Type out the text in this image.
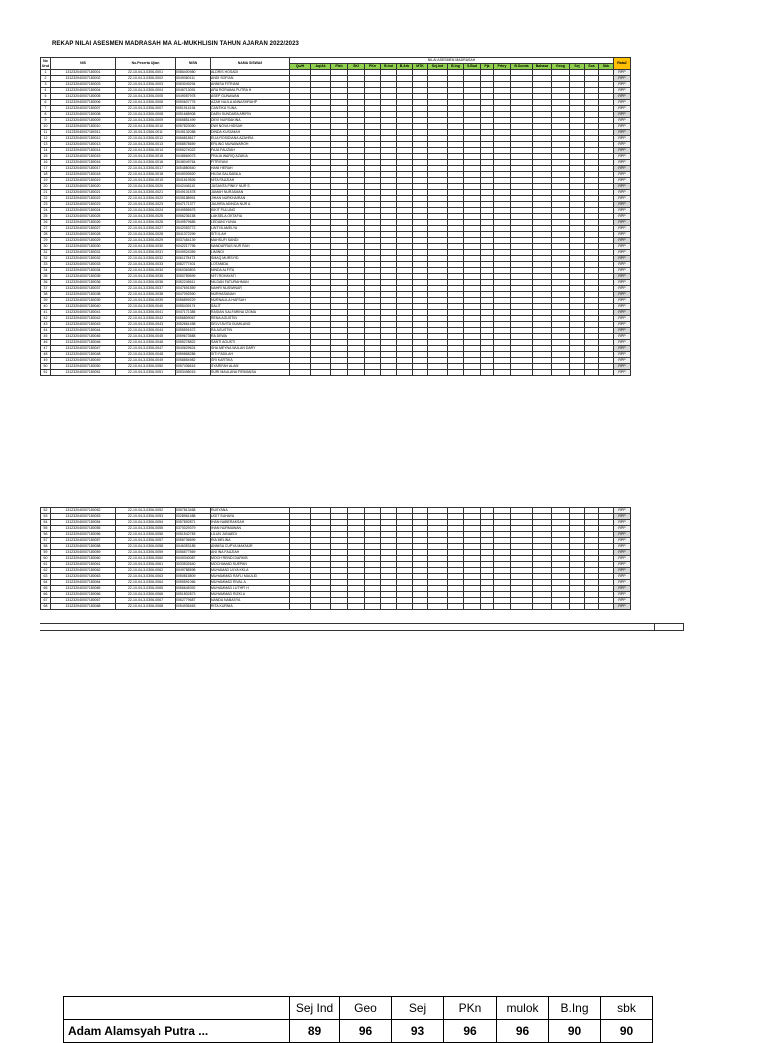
REKAP NILAI ASESMEN MADRASAH MA AL-MUKHLISIN TAHUN AJARAN 2022/2023
No Urut	NIS	No.Peserta Ujian	NISN	NAMA SISWA/I	NILAI ASESMEN MADRASAH																			Rata2
					Qu/H	Aq/Ak	Fikh	SKI	PKn	B.Ind	B.Arb	MTK	Sej.Ind	B.Ing	S.Bud	Pjk	Prkry	B.Sunda	Bahasa	Geog	Sej	Sos	Sbk	
1	131232040007180001	22-10-04-3-0306-0001	0086400980	ALDRIS HOSADI																				RPP
2	131232040007180002	22-10-04-3-0306-0002	0049060111	ANDI SOFIAN																				RPP
3	131232040007180003	22-10-04-3-0306-0003	0063049294	ANNISA FITRIANI																				RPP
4	131232040007180004	22-10-04-3-0306-0004	0046713091	ARA RORIAMA PUTRA H																				RPP
5	131232040007180005	22-10-04-3-0306-0005	0049057978	ASEP GUNAWAN																				RPP
6	131232040007180006	22-10-04-3-0306-0006	0050607775	AZAH NAJLA ANNASHRAHP																				RPP
7	131232040007180007	22-10-04-3-0306-0007	0051914194	CANTIKA YUNA																				RPP
8	131232040007180008	22-10-04-3-0306-0008	0051668908	DAEN SUNDARA ARIFIN																				RPP
9	131232040007180009	22-10-04-3-0306-0009	0065851499	DEVI NURSAKINA																				RPP
10	131232040007180010	22-10-04-3-0306-0010	0057823090	DWI NOVA HIDSAH																				RPP
11	131232040007180011	22-10-04-3-0306-0011	0045132088	DINDA KUSUMAH																				RPP
12	131232040007180012	22-10-04-3-0306-0012	0066818617	ELIA ROSIDIANA AZAHRA																				RPP
13	131232040007180013	22-10-04-3-0306-0013	0058578659	ERLING MUNAWAROH																				RPP
14	131232040007180014	22-10-04-3-0306-0014	0055274022	FAJA FAUZIAH																				RPP
15	131232040007180015	22-10-04-3-0306-0015	0048669073	FRAJA WARIQ AZAKIA																				RPP
16	131232040007180016	22-10-04-3-0306-0016	3048049764	FITRIYANI																				RPP
17	131232040007180017	22-10-04-3-0306-0017	3054880540	HANI HERAH																				RPP
18	131232040007180018	22-10-04-3-0306-0018	0049009520	HILDA SALSABILA																				RPP
19	131232040007180019	22-10-04-3-0306-0019	3041619526	NITA FAUZIAH																				RPP
20	131232040007180020	22-10-04-3-0306-0020	0042446110	JUSANTA PINKY NUR S																				RPP
21	131232040007180021	22-10-04-3-0306-0021	0049101578	JAMAH NURJAMAN																				RPP
22	131232040007180022	22-10-04-3-0306-0022	0035188991	JIHAN NURKHAIRAN																				RPP
23	131232040007180023	22-10-04-3-0306-0023	0047171377	JAUHRA ADINDA NUR A																				RPP
24	131232040007180024	22-10-04-3-0306-0024	0049555675	KIKIT PULUNG																				RPP
25	131232040007180025	22-10-04-3-0306-0025	0056236158	LAKSELA OKTAFIA																				RPP
26	131232040007180026	22-10-04-3-0306-0026	3049579685	LEDIANI YUNIA																				RPP
27	131232040007180027	22-10-04-3-0306-0027	3042053772	LINTYA AMELYA																				RPP
28	131232040007180028	22-10-04-3-0306-0028	3041372299	SITI ILAH																				RPP
29	131232040007180029	22-10-04-3-0306-0029	0037454139	MAHSUFI SANDI																				RPP
30	131232040007180030	22-10-04-3-0306-0030	0042217796	NANDAFRAS NUR RAH																				RPP
31	131232040007180031	22-10-04-3-0306-0031	0049924359	LIMINDI																				RPP
32	131232040007180032	22-10-04-3-0306-0032	0061175473	SMAQ MURSYID																				RPP
33	131232040007180033	22-10-04-3-0306-0033	3082777401	LOTANIDA																				RPP
34	131232040007180034	22-10-04-3-0306-0034	0060363803	NINDA ALFITA																				RPP
35	131232040007180035	22-10-04-3-0306-0035	3050789599	NITI ROHAYATI																				RPP
36	131232040007180036	22-10-04-3-0306-0036	0052245611	NILDAN FATURAHMAN																				RPP
37	131232040007180037	22-10-04-3-0306-0037	0047691559	NAHRI NUSWINAR																				RPP
38	131232040007180038	22-10-04-3-0306-0038	0047092590	NURHASANAH																				RPP
39	131232040007180039	22-10-04-3-0306-0039	0056899229	NURNALILA HAFSAH																				RPP
40	131232040007180040	22-10-04-3-0306-0040	0055439174	SALIT																				RPP
41	131232040007180041	22-10-04-3-0306-0041	0047171385	RASIAN SALFARINA IZOMA																				RPP
42	131232040007180042	22-10-04-3-0306-0042	0056809067	RENA AGUSTIN																				RPP
43	131232040007180043	22-10-04-3-0306-0043	3052661458	SELVI AVITA GUMILANG																				RPP
44	131232040007180044	22-10-04-3-0306-0044	0055591672	RA AGUSTIN																				RPP
45	131232040007180045	22-10-04-3-0306-0045	3059673588	RA DEWA																				RPP
46	131232040007180046	22-10-04-3-0306-0046	0055278822	SANTI AGUSTI																				RPP
47	131232040007180047	22-10-04-3-0306-0047	3040629624	SHA MEYNA WULAN DARY																				RPP
48	131232040007180048	22-10-04-3-0306-0048	0089868286	SITI FADILAH																				RPP
49	131232040007180049	22-10-04-3-0306-0049	0058854982	SRI KARTIKA																				RPP
50	131232040007180050	22-10-04-3-0306-0050	0057436616	SYARIFAH ALAM																				RPP
51	131232040007180051	22-10-04-3-0306-0051	3053498015	SURI MAULANA FIRMANSA																				RPP
52	131232040007180052	22-10-04-3-0306-0052	0057813468	RUSYANA																				RPP
53	131232040007180053	22-10-04-3-0306-0053	0028961488	UGIT SUHAYA																				RPP
54	131232040007180054	22-10-04-3-0306-0054	0057892871	IHAN NABERAKSAH																				RPP
55	131232040007180055	22-10-04-3-0306-0055	0370029379	IHAN NURMAWAN																				RPP
56	131232040007180056	22-10-04-3-0306-0056	0051542783	LILUN JUNAEDI																				RPP
57	131232040007180057	22-10-04-3-0306-0057	0056736699	RIA MELINA																				RPP
58	131232040007180058	22-10-04-3-0306-0058	0046353185	ANNISA CUPYA MAKNUR																				RPP
59	131232040007180059	22-10-04-3-0306-0059	0056577569	ANI INA FAUZIAH																				RPP
60	131232040007180060	22-10-04-3-0306-0060	0049340087	MOCH RENDI DARKIB																				RPP
61	131232040007180061	22-10-04-3-0306-0061	3033532640	MOCHAMAD SUEPAN																				RPP
62	131232040007180062	22-10-04-3-0306-0062	0049788598	MUHAMAD ULYA KKLA																				RPP
63	131232040007180063	22-10-04-3-0306-0063	0050815809	MUHAMMAD RAFLI MAULID																				RPP
64	131232040007180064	22-10-04-3-0306-0064	0055591066	MUHAMMAD RIVAL A																				RPP
65	131232040007180065	22-10-04-3-0306-0065	0056645392	MUHAMMAD LUTHFI H																				RPP
66	131232040007180066	22-10-04-3-0306-0066	0051802873	MUHAMMAD RIZKI A																				RPP
67	131232040007180067	22-10-04-3-0306-0067	0062779687	NANDA NABASYA																				RPP
68	131232040007180068	22-10-04-3-0306-0068	0054935463	RITA KURNIA																				RPP
	Sej Ind	Geo	Sej	PKn	mulok	B.Ing	sbk
Adam Alamsyah Putra ...	89	96	93	96	96	90	90
